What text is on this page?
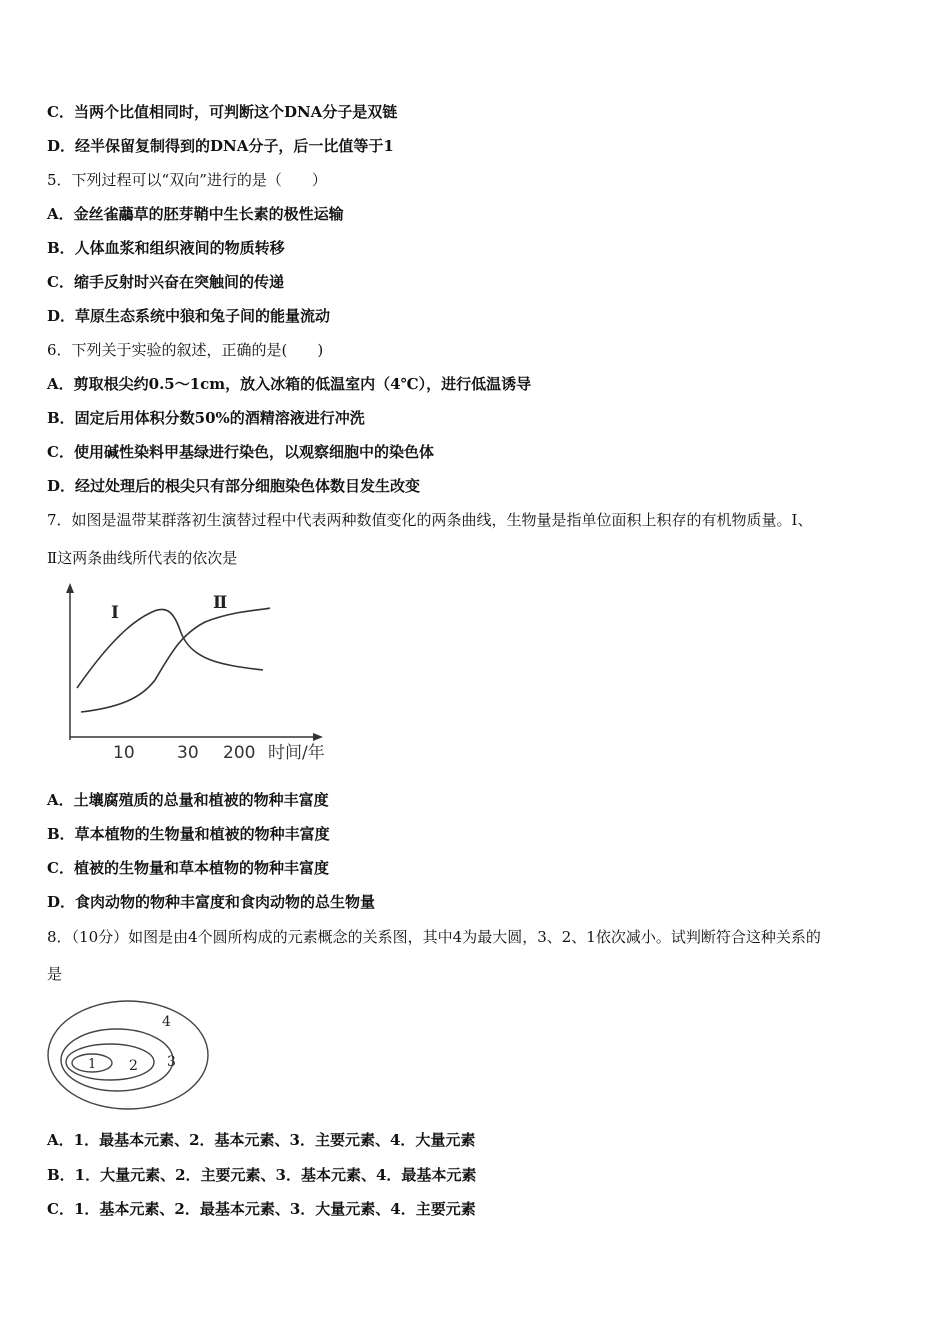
C．当两个比值相同时，可判断这个DNA分子是双链
D．经半保留复制得到的DNA分子，后一比值等于1
5．下列过程可以“双向”进行的是（　　）
A．金丝雀虉草的胚芽鞘中生长素的极性运输
B．人体血浆和组织液间的物质转移
C．缩手反射时兴奋在突触间的传递
D．草原生态系统中狼和兔子间的能量流动
6．下列关于实验的叙述，正确的是(　　)
A．剪取根尖约0.5～1cm，放入冰箱的低温室内（4℃），进行低温诱导
B．固定后用体积分数50%的酒精溶液进行冲洗
C．使用碱性染料甲基绿进行染色，以观察细胞中的染色体
D．经过处理后的根尖只有部分细胞染色体数目发生改变
7．如图是温带某群落初生演替过程中代表两种数值变化的两条曲线，生物量是指单位面积上积存的有机物质量。Ⅰ、
Ⅱ这两条曲线所代表的依次是
Ⅰ	Ⅱ
10 30 200 时间/年
A．土壤腐殖质的总量和植被的物种丰富度
B．草本植物的生物量和植被的物种丰富度
C．植被的生物量和草本植物的物种丰富度
D．食肉动物的物种丰富度和食肉动物的总生物量
8．（10分）如图是由4个圆所构成的元素概念的关系图，其中4为最大圆，3、2、1依次减小。试判断符合这种关系的
是
1 2 3
4
A．1．最基本元素、2．基本元素、3．主要元素、4．大量元素
B．1．大量元素、2．主要元素、3．基本元素、4．最基本元素
C．1．基本元素、2．最基本元素、3．大量元素、4．主要元素
